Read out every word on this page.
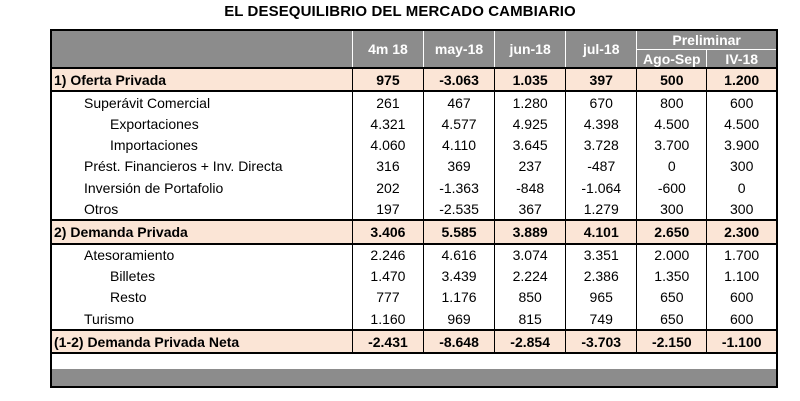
EL DESEQUILIBRIO DEL MERCADO CAMBIARIO
	4m 18	may-18	jun-18	jul-18	Preliminar	
					Ago-Sep	IV-18
1) Oferta Privada	975	-3.063	1.035	397	500	1.200
Superávit Comercial	261	467	1.280	670	800	600
Exportaciones	4.321	4.577	4.925	4.398	4.500	4.500
Importaciones	4.060	4.110	3.645	3.728	3.700	3.900
Prést. Financieros + Inv. Directa	316	369	237	-487	0	300
Inversión de Portafolio	202	-1.363	-848	-1.064	-600	0
Otros	197	-2.535	367	1.279	300	300
2) Demanda Privada	3.406	5.585	3.889	4.101	2.650	2.300
Atesoramiento	2.246	4.616	3.074	3.351	2.000	1.700
Billetes	1.470	3.439	2.224	2.386	1.350	1.100
Resto	777	1.176	850	965	650	600
Turismo	1.160	969	815	749	650	600
(1-2) Demanda Privada Neta	-2.431	-8.648	-2.854	-3.703	-2.150	-1.100
